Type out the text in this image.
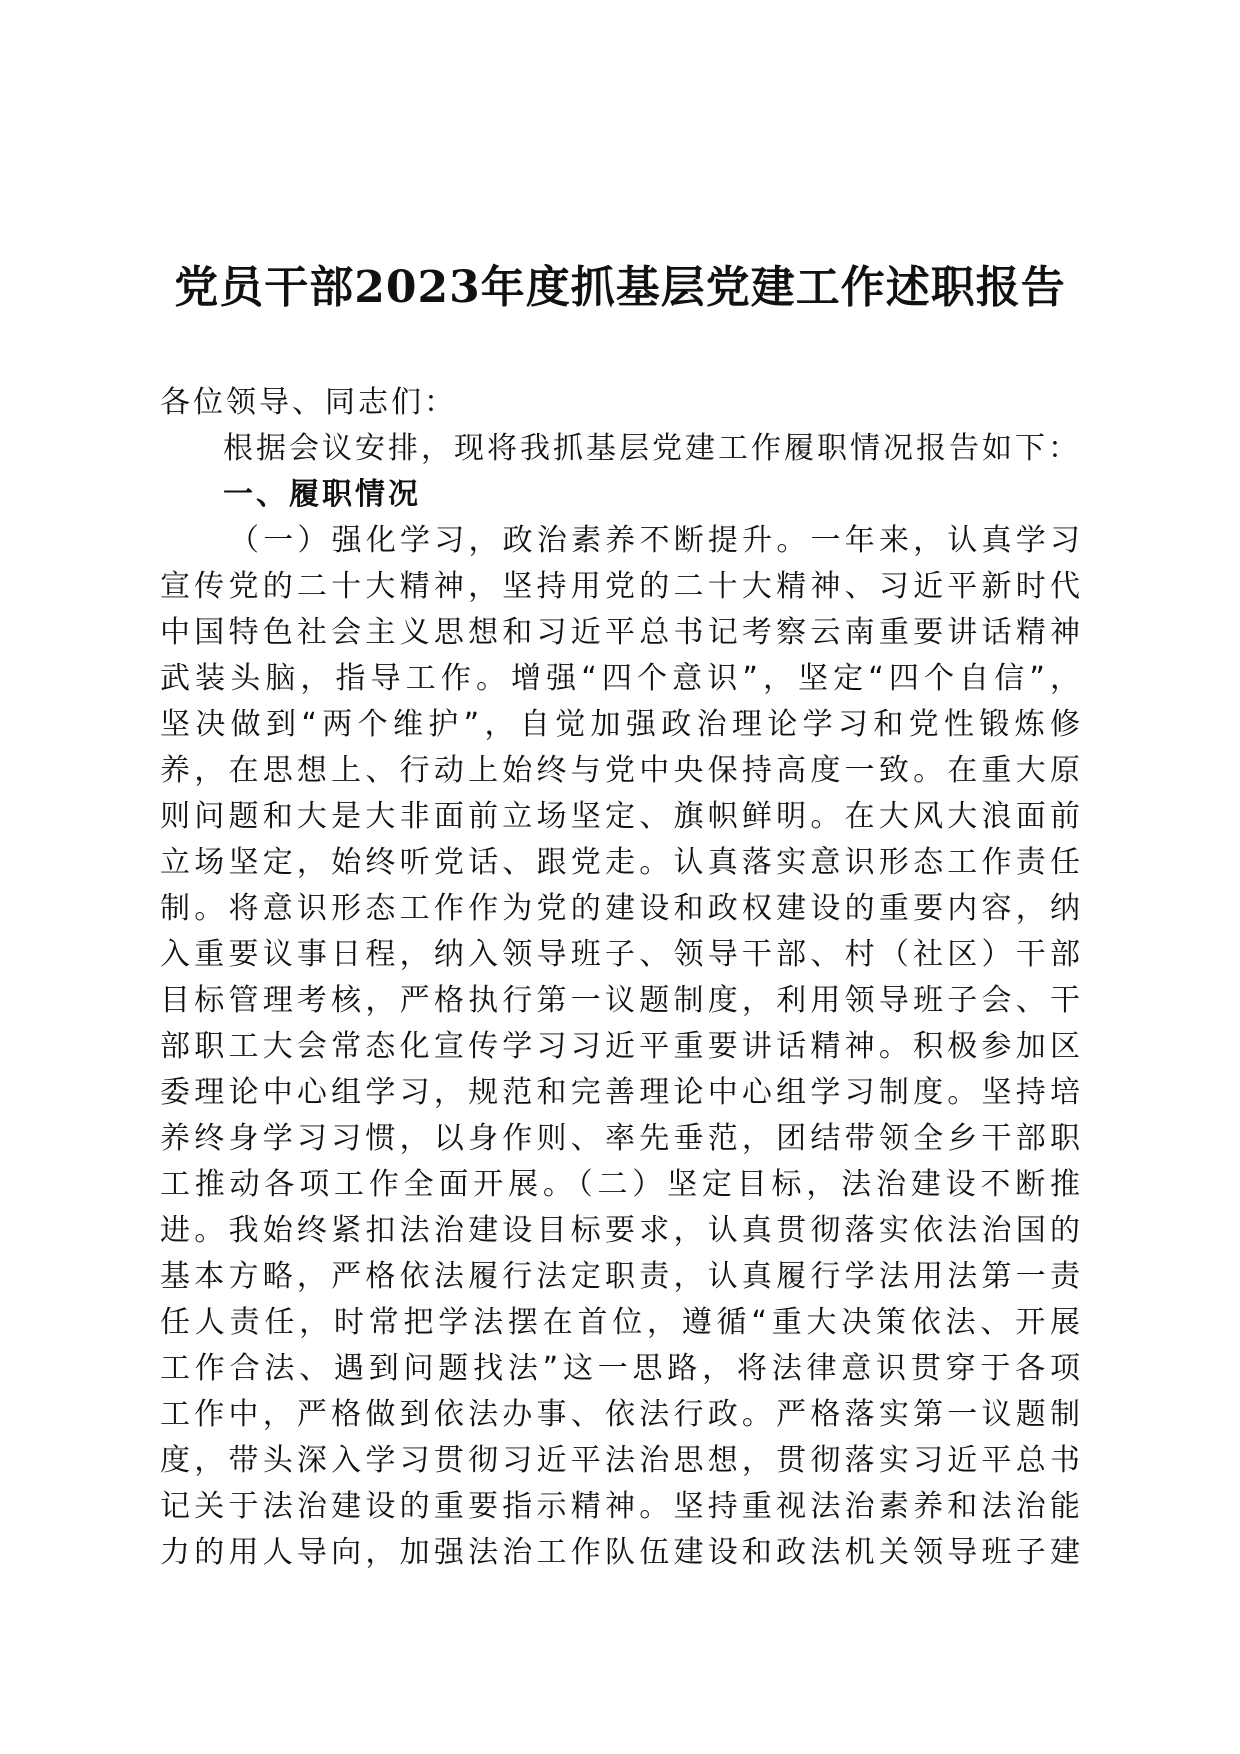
党员干部2023年度抓基层党建工作述职报告
各位领导、同志们：
根据会议安排，现将我抓基层党建工作履职情况报告如下：
一、履职情况
（一）强化学习，政治素养不断提升。一年来，认真学习
宣传党的二十大精神，坚持用党的二十大精神、习近平新时代
中国特色社会主义思想和习近平总书记考察云南重要讲话精神
武装头脑，指导工作。增强“四个意识”，坚定“四个自信”，
坚决做到“两个维护”，自觉加强政治理论学习和党性锻炼修
养，在思想上、行动上始终与党中央保持高度一致。在重大原
则问题和大是大非面前立场坚定、旗帜鲜明。在大风大浪面前
立场坚定，始终听党话、跟党走。认真落实意识形态工作责任
制。将意识形态工作作为党的建设和政权建设的重要内容，纳
入重要议事日程，纳入领导班子、领导干部、村（社区）干部
目标管理考核，严格执行第一议题制度，利用领导班子会、干
部职工大会常态化宣传学习习近平重要讲话精神。积极参加区
委理论中心组学习，规范和完善理论中心组学习制度。坚持培
养终身学习习惯，以身作则、率先垂范，团结带领全乡干部职
工推动各项工作全面开展。（二）坚定目标，法治建设不断推
进。我始终紧扣法治建设目标要求，认真贯彻落实依法治国的
基本方略，严格依法履行法定职责，认真履行学法用法第一责
任人责任，时常把学法摆在首位，遵循“重大决策依法、开展
工作合法、遇到问题找法”这一思路，将法律意识贯穿于各项
工作中，严格做到依法办事、依法行政。严格落实第一议题制
度，带头深入学习贯彻习近平法治思想，贯彻落实习近平总书
记关于法治建设的重要指示精神。坚持重视法治素养和法治能
力的用人导向，加强法治工作队伍建设和政法机关领导班子建
